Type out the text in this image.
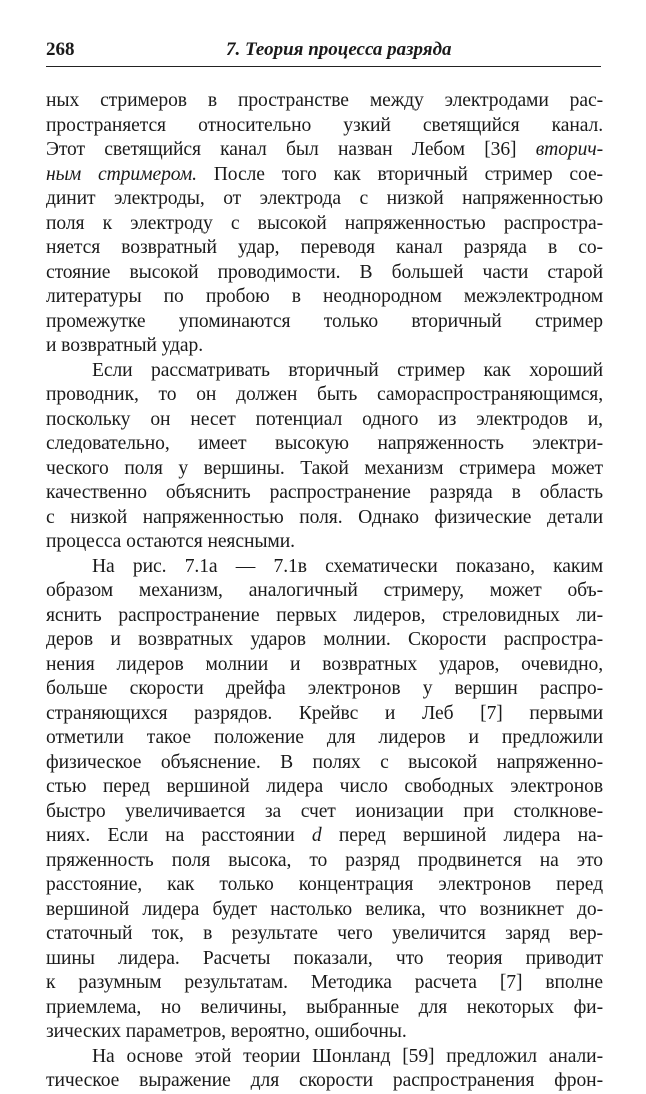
268	7. Теория процесса разряда
ных стримеров в пространстве между электродами рас-
пространяется относительно узкий светящийся канал.
Этот светящийся канал был назван Лебом [36] вторич-
ным стримером. После того как вторичный стример сое-
динит электроды, от электрода с низкой напряженностью
поля к электроду с высокой напряженностью распростра-
няется возвратный удар, переводя канал разряда в со-
стояние высокой проводимости. В большей части старой
литературы по пробою в неоднородном межэлектродном
промежутке упоминаются только вторичный стример
и возвратный удар.
Если рассматривать вторичный стример как хороший
проводник, то он должен быть самораспространяющимся,
поскольку он несет потенциал одного из электродов и,
следовательно, имеет высокую напряженность электри-
ческого поля у вершины. Такой механизм стримера может
качественно объяснить распространение разряда в область
с низкой напряженностью поля. Однако физические детали
процесса остаются неясными.
На рис. 7.1а — 7.1в схематически показано, каким
образом механизм, аналогичный стримеру, может объ-
яснить распространение первых лидеров, стреловидных ли-
деров и возвратных ударов молнии. Скорости распростра-
нения лидеров молнии и возвратных ударов, очевидно,
больше скорости дрейфа электронов у вершин распро-
страняющихся разрядов. Крейвс и Леб [7] первыми
отметили такое положение для лидеров и предложили
физическое объяснение. В полях с высокой напряженно-
стью перед вершиной лидера число свободных электронов
быстро увеличивается за счет ионизации при столкнове-
ниях. Если на расстоянии d перед вершиной лидера на-
пряженность поля высока, то разряд продвинется на это
расстояние, как только концентрация электронов перед
вершиной лидера будет настолько велика, что возникнет до-
статочный ток, в результате чего увеличится заряд вер-
шины лидера. Расчеты показали, что теория приводит
к разумным результатам. Методика расчета [7] вполне
приемлема, но величины, выбранные для некоторых фи-
зических параметров, вероятно, ошибочны.
На основе этой теории Шонланд [59] предложил анали-
тическое выражение для скорости распространения фрон-
